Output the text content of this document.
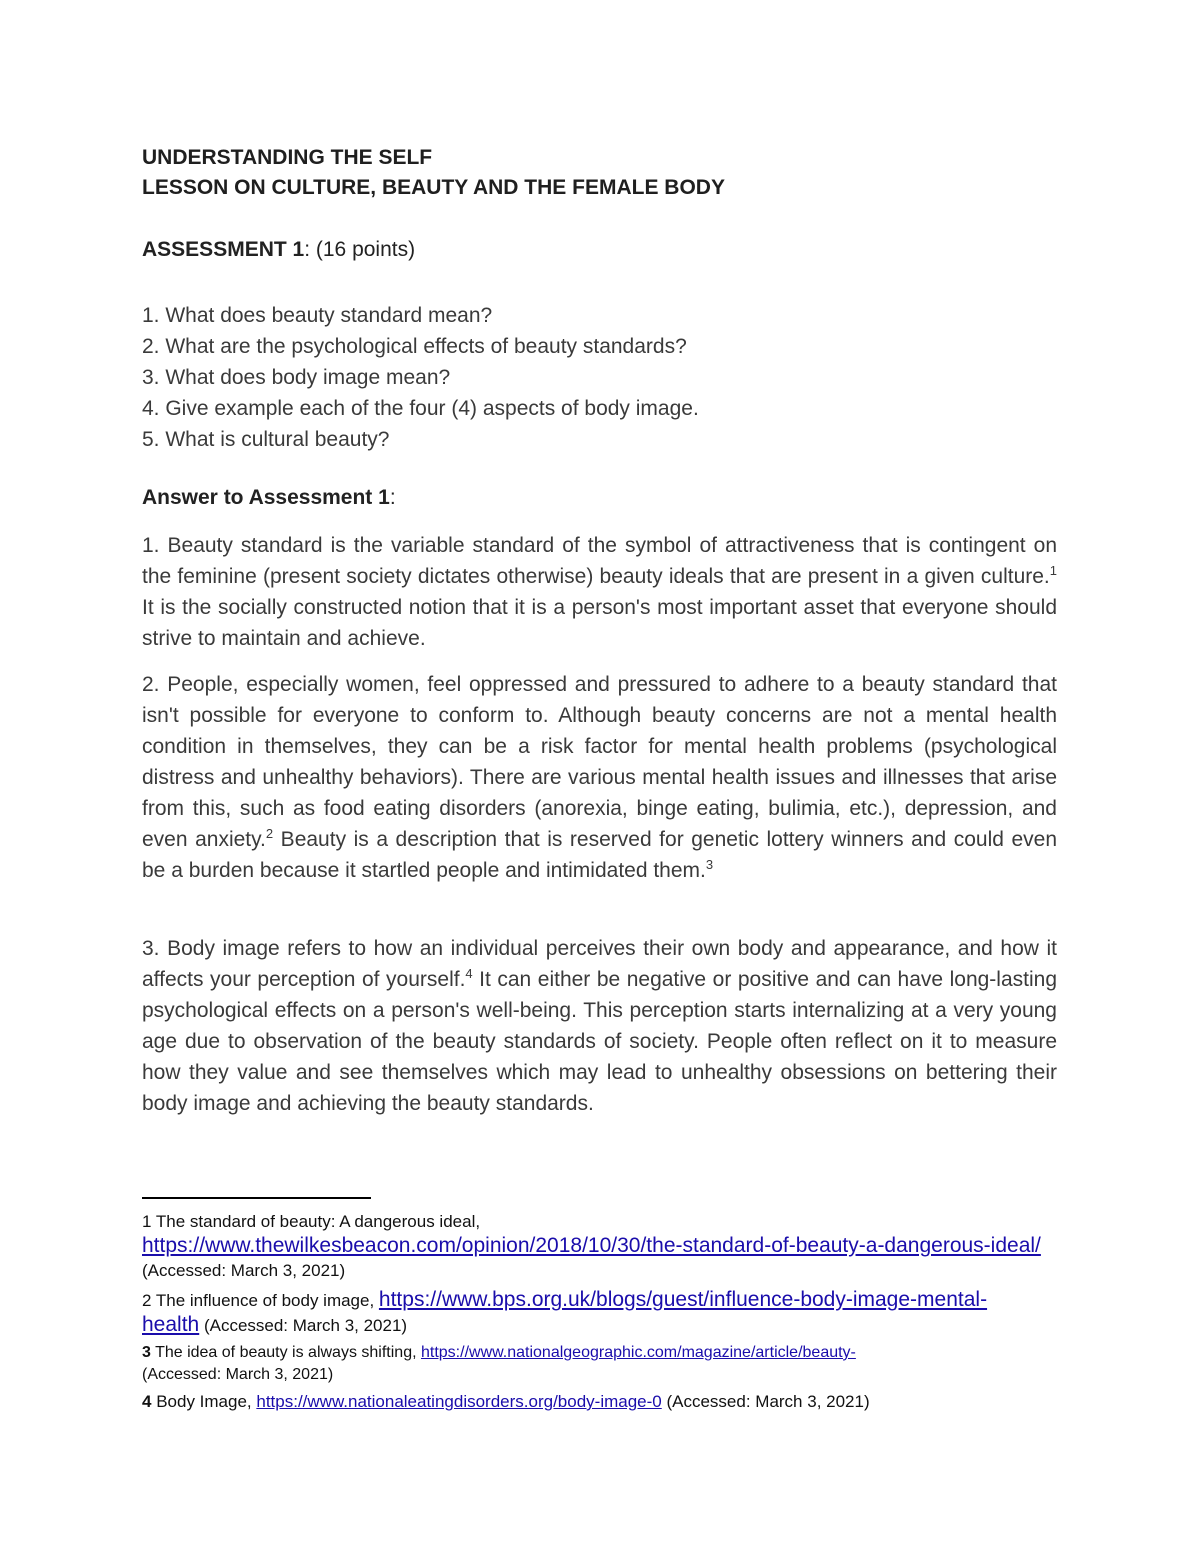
UNDERSTANDING THE SELF
LESSON ON CULTURE, BEAUTY AND THE FEMALE BODY
ASSESSMENT 1: (16 points)
1. What does beauty standard mean?
2. What are the psychological effects of beauty standards?
3. What does body image mean?
4. Give example each of the four (4) aspects of body image.
5. What is cultural beauty?
Answer to Assessment 1:
1. Beauty standard is the variable standard of the symbol of attractiveness that is contingent on the feminine (present society dictates otherwise) beauty ideals that are present in a given culture.$^1$ It is the socially constructed notion that it is a person's most important asset that everyone should strive to maintain and achieve.
2. People, especially women, feel oppressed and pressured to adhere to a beauty standard that isn't possible for everyone to conform to. Although beauty concerns are not a mental health condition in themselves, they can be a risk factor for mental health problems (psychological distress and unhealthy behaviors). There are various mental health issues and illnesses that arise from this, such as food eating disorders (anorexia, binge eating, bulimia, etc.), depression, and even anxiety.$^2$ Beauty is a description that is reserved for genetic lottery winners and could even be a burden because it startled people and intimidated them.$^3$
3. Body image refers to how an individual perceives their own body and appearance, and how it affects your perception of yourself.$^4$ It can either be negative or positive and can have long-lasting psychological effects on a person's well-being. This perception starts internalizing at a very young age due to observation of the beauty standards of society. People often reflect on it to measure how they value and see themselves which may lead to unhealthy obsessions on bettering their body image and achieving the beauty standards.
1 The standard of beauty: A dangerous ideal,
https://www.thewilkesbeacon.com/opinion/2018/10/30/the-standard-of-beauty-a-dangerous-ideal/ (Accessed: March 3, 2021)
2 The influence of body image, https://www.bps.org.uk/blogs/guest/influence-body-image-mental-health (Accessed: March 3, 2021)
3 The idea of beauty is always shifting, https://www.nationalgeographic.com/magazine/article/beauty-
(Accessed: March 3, 2021)
4 Body Image, https://www.nationaleatingdisorders.org/body-image-0 (Accessed: March 3, 2021)
